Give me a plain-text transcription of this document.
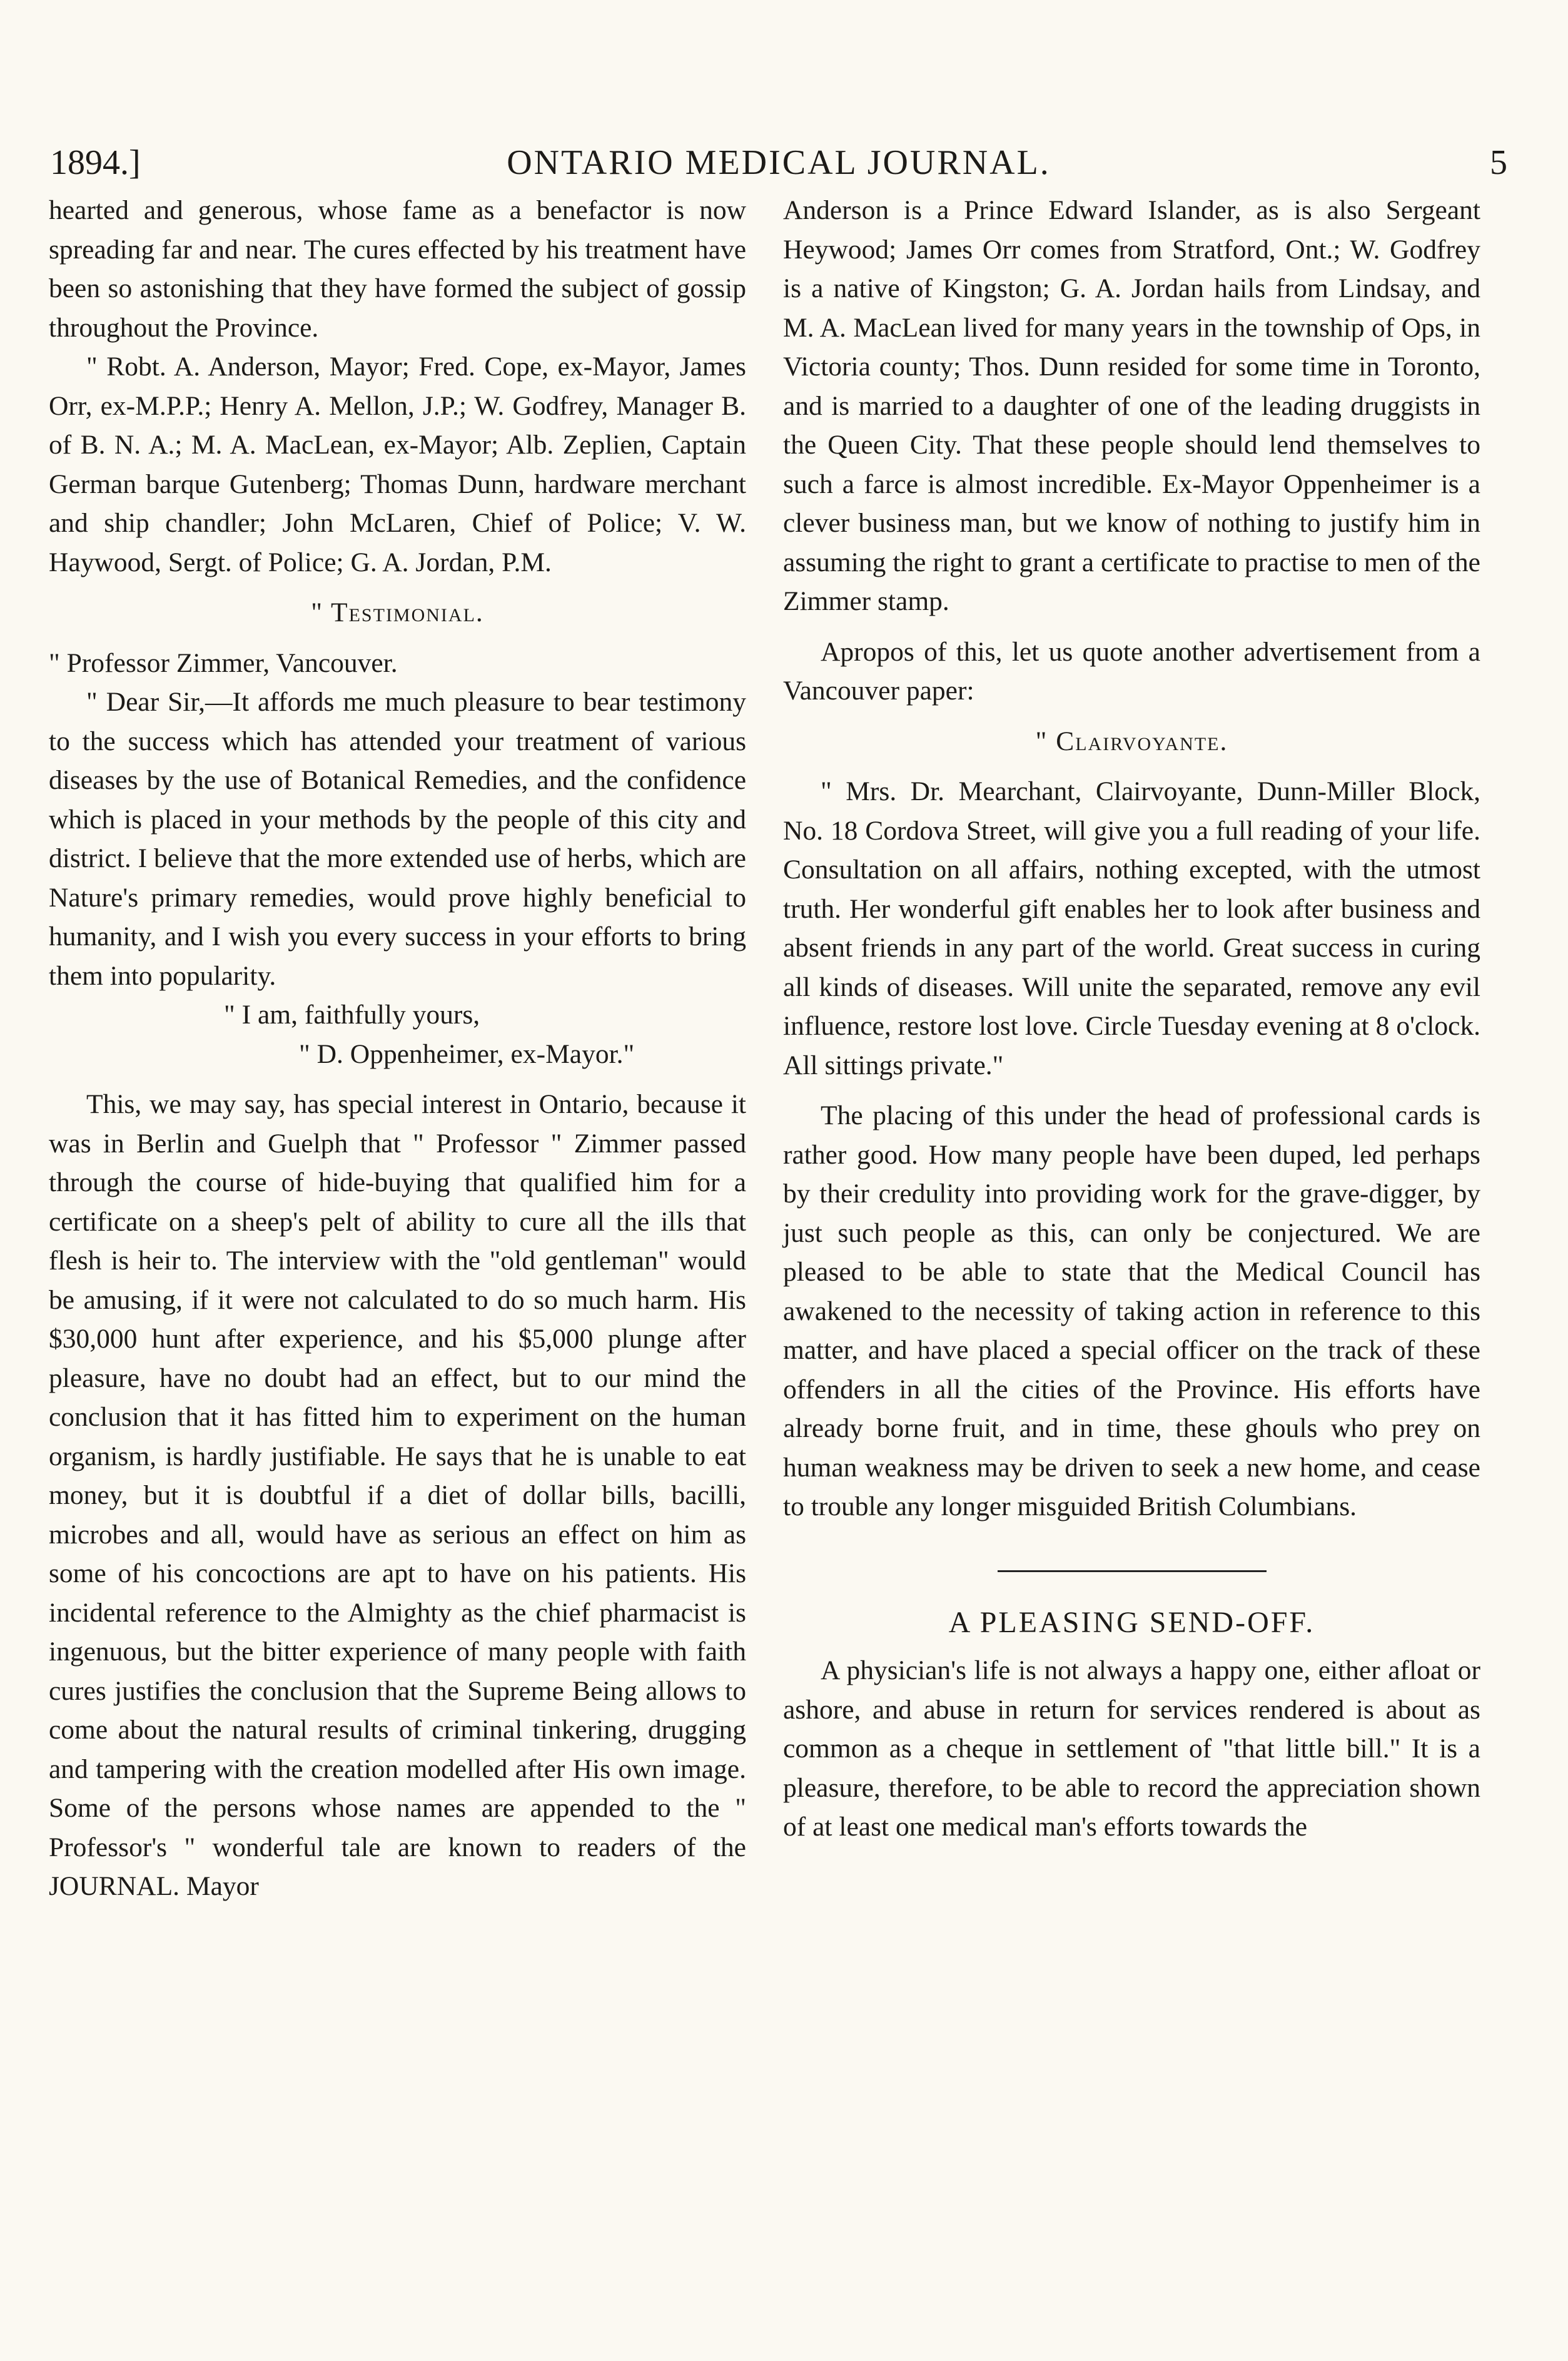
1894.]	ONTARIO MEDICAL JOURNAL.	5

hearted and generous, whose fame as a benefactor is now spreading far and near. The cures effected by his treatment have been so astonishing that they have formed the subject of gossip throughout the Province.

" Robt. A. Anderson, Mayor; Fred. Cope, ex-Mayor, James Orr, ex-M.P.P.; Henry A. Mellon, J.P.; W. Godfrey, Manager B. of B. N. A.; M. A. MacLean, ex-Mayor; Alb. Zeplien, Captain German barque Gutenberg; Thomas Dunn, hardware merchant and ship chandler; John McLaren, Chief of Police; V. W. Haywood, Sergt. of Police; G. A. Jordan, P.M.

" Testimonial.

" Professor Zimmer, Vancouver.

" Dear Sir,—It affords me much pleasure to bear testimony to the success which has attended your treatment of various diseases by the use of Botanical Remedies, and the confidence which is placed in your methods by the people of this city and district. I believe that the more extended use of herbs, which are Nature's primary remedies, would prove highly beneficial to humanity, and I wish you every success in your efforts to bring them into popularity.

" I am, faithfully yours,

" D. Oppenheimer, ex-Mayor."

This, we may say, has special interest in Ontario, because it was in Berlin and Guelph that " Professor " Zimmer passed through the course of hide-buying that qualified him for a certificate on a sheep's pelt of ability to cure all the ills that flesh is heir to. The interview with the "old gentleman" would be amusing, if it were not calculated to do so much harm. His $30,000 hunt after experience, and his $5,000 plunge after pleasure, have no doubt had an effect, but to our mind the conclusion that it has fitted him to experiment on the human organism, is hardly justifiable. He says that he is unable to eat money, but it is doubtful if a diet of dollar bills, bacilli, microbes and all, would have as serious an effect on him as some of his concoctions are apt to have on his patients. His incidental reference to the Almighty as the chief pharmacist is ingenuous, but the bitter experience of many people with faith cures justifies the conclusion that the Supreme Being allows to come about the natural results of criminal tinkering, drugging and tampering with the creation modelled after His own image. Some of the persons whose names are appended to the " Professor's " wonderful tale are known to readers of the JOURNAL. Mayor

Anderson is a Prince Edward Islander, as is also Sergeant Heywood; James Orr comes from Stratford, Ont.; W. Godfrey is a native of Kingston; G. A. Jordan hails from Lindsay, and M. A. MacLean lived for many years in the township of Ops, in Victoria county; Thos. Dunn resided for some time in Toronto, and is married to a daughter of one of the leading druggists in the Queen City. That these people should lend themselves to such a farce is almost incredible. Ex-Mayor Oppenheimer is a clever business man, but we know of nothing to justify him in assuming the right to grant a certificate to practise to men of the Zimmer stamp.

Apropos of this, let us quote another advertisement from a Vancouver paper:

" Clairvoyante.

" Mrs. Dr. Mearchant, Clairvoyante, Dunn-Miller Block, No. 18 Cordova Street, will give you a full reading of your life. Consultation on all affairs, nothing excepted, with the utmost truth. Her wonderful gift enables her to look after business and absent friends in any part of the world. Great success in curing all kinds of diseases. Will unite the separated, remove any evil influence, restore lost love. Circle Tuesday evening at 8 o'clock. All sittings private."

The placing of this under the head of professional cards is rather good. How many people have been duped, led perhaps by their credulity into providing work for the grave-digger, by just such people as this, can only be conjectured. We are pleased to be able to state that the Medical Council has awakened to the necessity of taking action in reference to this matter, and have placed a special officer on the track of these offenders in all the cities of the Province. His efforts have already borne fruit, and in time, these ghouls who prey on human weakness may be driven to seek a new home, and cease to trouble any longer misguided British Columbians.

A PLEASING SEND-OFF.

A physician's life is not always a happy one, either afloat or ashore, and abuse in return for services rendered is about as common as a cheque in settlement of "that little bill." It is a pleasure, therefore, to be able to record the appreciation shown of at least one medical man's efforts towards the
